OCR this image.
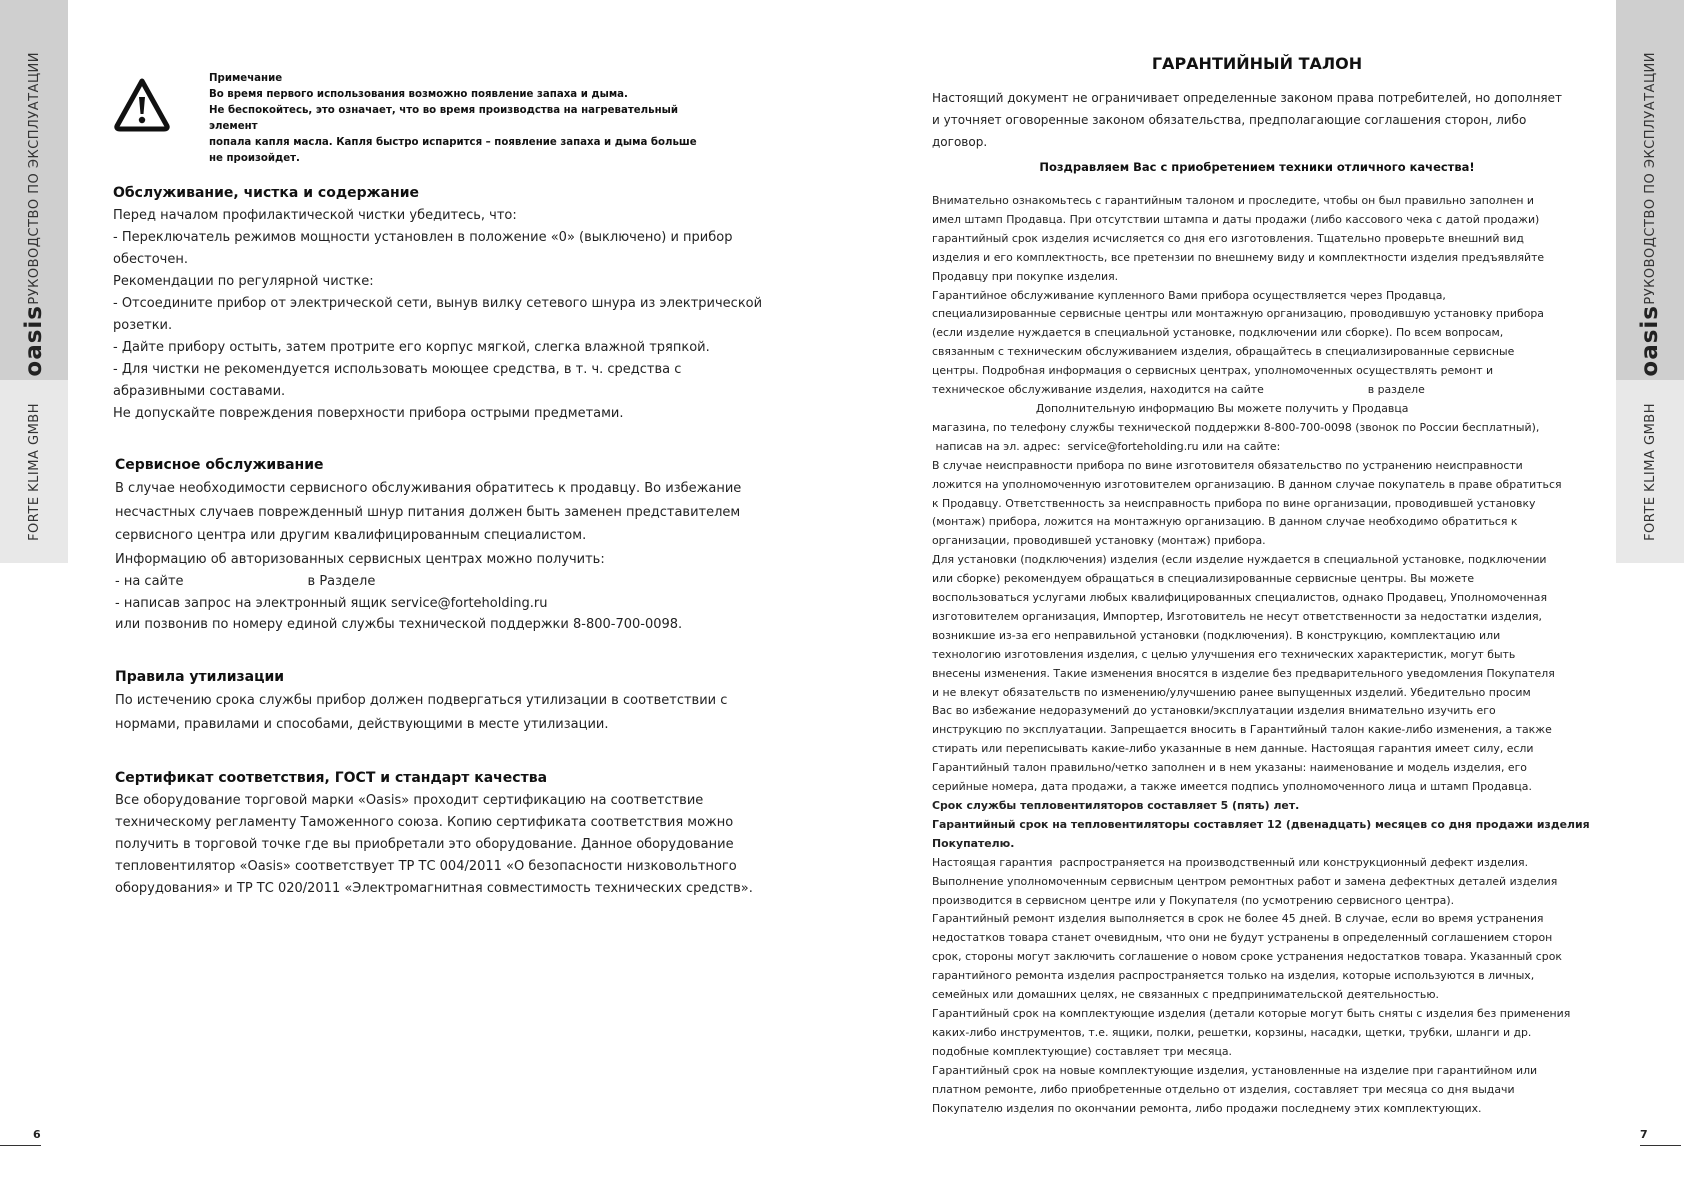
РУКОВОДСТВО ПО ЭКСПЛУАТАЦИИ
oasis
FORTE KLIMA GMBH
РУКОВОДСТВО ПО ЭКСПЛУАТАЦИИ
oasis
FORTE KLIMA GMBH
6	7
Примечание
Во время первого использования возможно появление запаха и дыма.
Не беспокойтесь, это означает, что во время производства на нагревательный элемент
попала капля масла. Капля быстро испарится – появление запаха и дыма больше
не произойдет.
Обслуживание, чистка и содержание

Перед началом профилактической чистки убедитесь, что:

- Переключатель режимов мощности установлен в положение «0» (выключено) и прибор

обесточен.

Рекомендации по регулярной чистке:

- Отсоедините прибор от электрической сети, вынув вилку сетевого шнура из электрической

розетки.

- Дайте прибору остыть, затем протрите его корпус мягкой, слегка влажной тряпкой.

- Для чистки не рекомендуется использовать моющее средства, в т. ч. средства с

абразивными составами.

Не допускайте повреждения поверхности прибора острыми предметами.

Сервисное обслуживание

В случае необходимости сервисного обслуживания обратитесь к продавцу. Во избежание

несчастных случаев поврежденный шнур питания должен быть заменен представителем

сервисного центра или другим квалифицированным специалистом.

Информацию об авторизованных сервисных центрах можно получить:

- на сайте                              в Разделе

- написав запрос на электронный ящик service@forteholding.ru

или позвонив по номеру единой службы технической поддержки 8-800-700-0098.

Правила утилизации

По истечению срока службы прибор должен подвергаться утилизации в соответствии с

нормами, правилами и способами, действующими в месте утилизации.

Сертификат соответствия, ГОСТ и стандарт качества

Все оборудование торговой марки «Oasis» проходит сертификацию на соответствие

техническому регламенту Таможенного союза. Копию сертификата соответствия можно

получить в торговой точке где вы приобретали это оборудование. Данное оборудование

тепловентилятор «Oasis» соответствует ТР ТС 004/2011 «О безопасности низковольтного

оборудования» и ТР ТС 020/2011 «Электромагнитная совместимость технических средств».

ГАРАНТИЙНЫЙ ТАЛОН
Настоящий документ не ограничивает определенные законом права потребителей, но дополняет
и уточняет оговоренные законом обязательства, предполагающие соглашения сторон, либо
договор.
Поздравляем Вас с приобретением техники отличного качества!
Внимательно ознакомьтесь с гарантийным талоном и проследите, чтобы он был правильно заполнен и
имел штамп Продавца. При отсутствии штампа и даты продажи (либо кассового чека с датой продажи)
гарантийный срок изделия исчисляется со дня его изготовления. Тщательно проверьте внешний вид
изделия и его комплектность, все претензии по внешнему виду и комплектности изделия предъявляйте
Продавцу при покупке изделия.
Гарантийное обслуживание купленного Вами прибора осуществляется через Продавца,
специализированные сервисные центры или монтажную организацию, проводившую установку прибора
(если изделие нуждается в специальной установке, подключении или сборке). По всем вопросам,
связанным с техническим обслуживанием изделия, обращайтесь в специализированные сервисные
центры. Подробная информация о сервисных центрах, уполномоченных осуществлять ремонт и
техническое обслуживание изделия, находится на сайте                              в разделе
Дополнительную информацию Вы можете получить у Продавца
магазина, по телефону службы технической поддержки 8-800-700-0098 (звонок по России бесплатный),
написав на эл. адрес:  service@forteholding.ru или на сайте:
В случае неисправности прибора по вине изготовителя обязательство по устранению неисправности
ложится на уполномоченную изготовителем организацию. В данном случае покупатель в праве обратиться
к Продавцу. Ответственность за неисправность прибора по вине организации, проводившей установку
(монтаж) прибора, ложится на монтажную организацию. В данном случае необходимо обратиться к
организации, проводившей установку (монтаж) прибора.
Для установки (подключения) изделия (если изделие нуждается в специальной установке, подключении
или сборке) рекомендуем обращаться в специализированные сервисные центры. Вы можете
воспользоваться услугами любых квалифицированных специалистов, однако Продавец, Уполномоченная
изготовителем организация, Импортер, Изготовитель не несут ответственности за недостатки изделия,
возникшие из-за его неправильной установки (подключения). В конструкцию, комплектацию или
технологию изготовления изделия, с целью улучшения его технических характеристик, могут быть
внесены изменения. Такие изменения вносятся в изделие без предварительного уведомления Покупателя
и не влекут обязательств по изменению/улучшению ранее выпущенных изделий. Убедительно просим
Вас во избежание недоразумений до установки/эксплуатации изделия внимательно изучить его
инструкцию по эксплуатации. Запрещается вносить в Гарантийный талон какие-либо изменения, а также
стирать или переписывать какие-либо указанные в нем данные. Настоящая гарантия имеет силу, если
Гарантийный талон правильно/четко заполнен и в нем указаны: наименование и модель изделия, его
серийные номера, дата продажи, а также имеется подпись уполномоченного лица и штамп Продавца.
Срок службы тепловентиляторов составляет 5 (пять) лет.
Гарантийный срок на тепловентиляторы составляет 12 (двенадцать) месяцев со дня продажи изделия
Покупателю.
Настоящая гарантия  распространяется на производственный или конструкционный дефект изделия.
Выполнение уполномоченным сервисным центром ремонтных работ и замена дефектных деталей изделия
производится в сервисном центре или у Покупателя (по усмотрению сервисного центра).
Гарантийный ремонт изделия выполняется в срок не более 45 дней. В случае, если во время устранения
недостатков товара станет очевидным, что они не будут устранены в определенный соглашением сторон
срок, стороны могут заключить соглашение о новом сроке устранения недостатков товара. Указанный срок
гарантийного ремонта изделия распространяется только на изделия, которые используются в личных,
семейных или домашних целях, не связанных с предпринимательской деятельностью.
Гарантийный срок на комплектующие изделия (детали которые могут быть сняты с изделия без применения
каких-либо инструментов, т.е. ящики, полки, решетки, корзины, насадки, щетки, трубки, шланги и др.
подобные комплектующие) составляет три месяца.
Гарантийный срок на новые комплектующие изделия, установленные на изделие при гарантийном или
платном ремонте, либо приобретенные отдельно от изделия, составляет три месяца со дня выдачи
Покупателю изделия по окончании ремонта, либо продажи последнему этих комплектующих.
